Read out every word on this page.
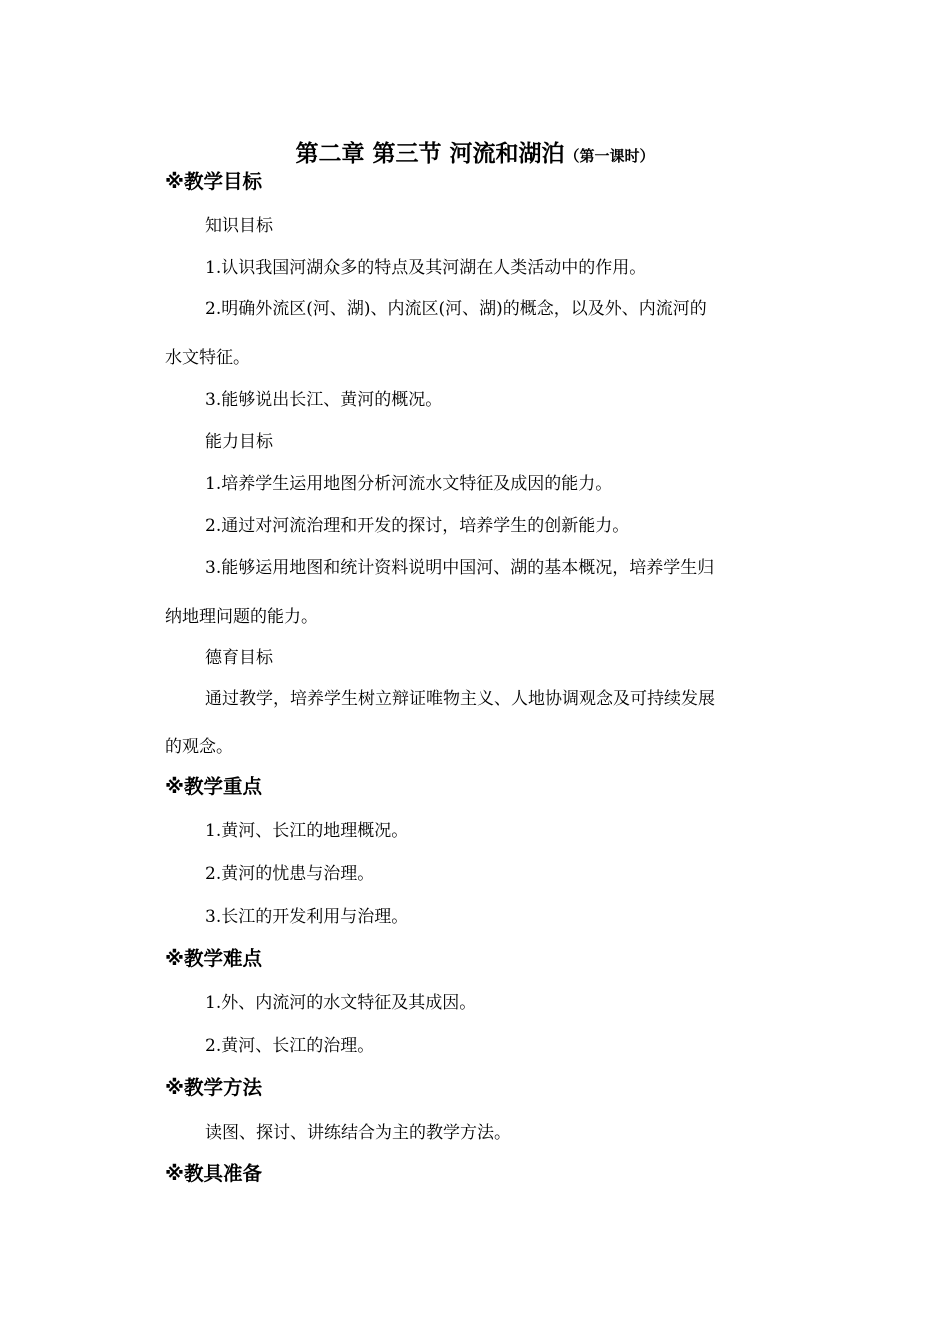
第二章 第三节 河流和湖泊（第一课时）
※教学目标
知识目标
1.认识我国河湖众多的特点及其河湖在人类活动中的作用。
2.明确外流区(河、湖)、内流区(河、湖)的概念，以及外、内流河的
水文特征。
3.能够说出长江、黄河的概况。
能力目标
1.培养学生运用地图分析河流水文特征及成因的能力。
2.通过对河流治理和开发的探讨，培养学生的创新能力。
3.能够运用地图和统计资料说明中国河、湖的基本概况，培养学生归
纳地理问题的能力。
德育目标
通过教学，培养学生树立辩证唯物主义、人地协调观念及可持续发展
的观念。
※教学重点
1.黄河、长江的地理概况。
2.黄河的忧患与治理。
3.长江的开发利用与治理。
※教学难点
1.外、内流河的水文特征及其成因。
2.黄河、长江的治理。
※教学方法
读图、探讨、讲练结合为主的教学方法。
※教具准备
